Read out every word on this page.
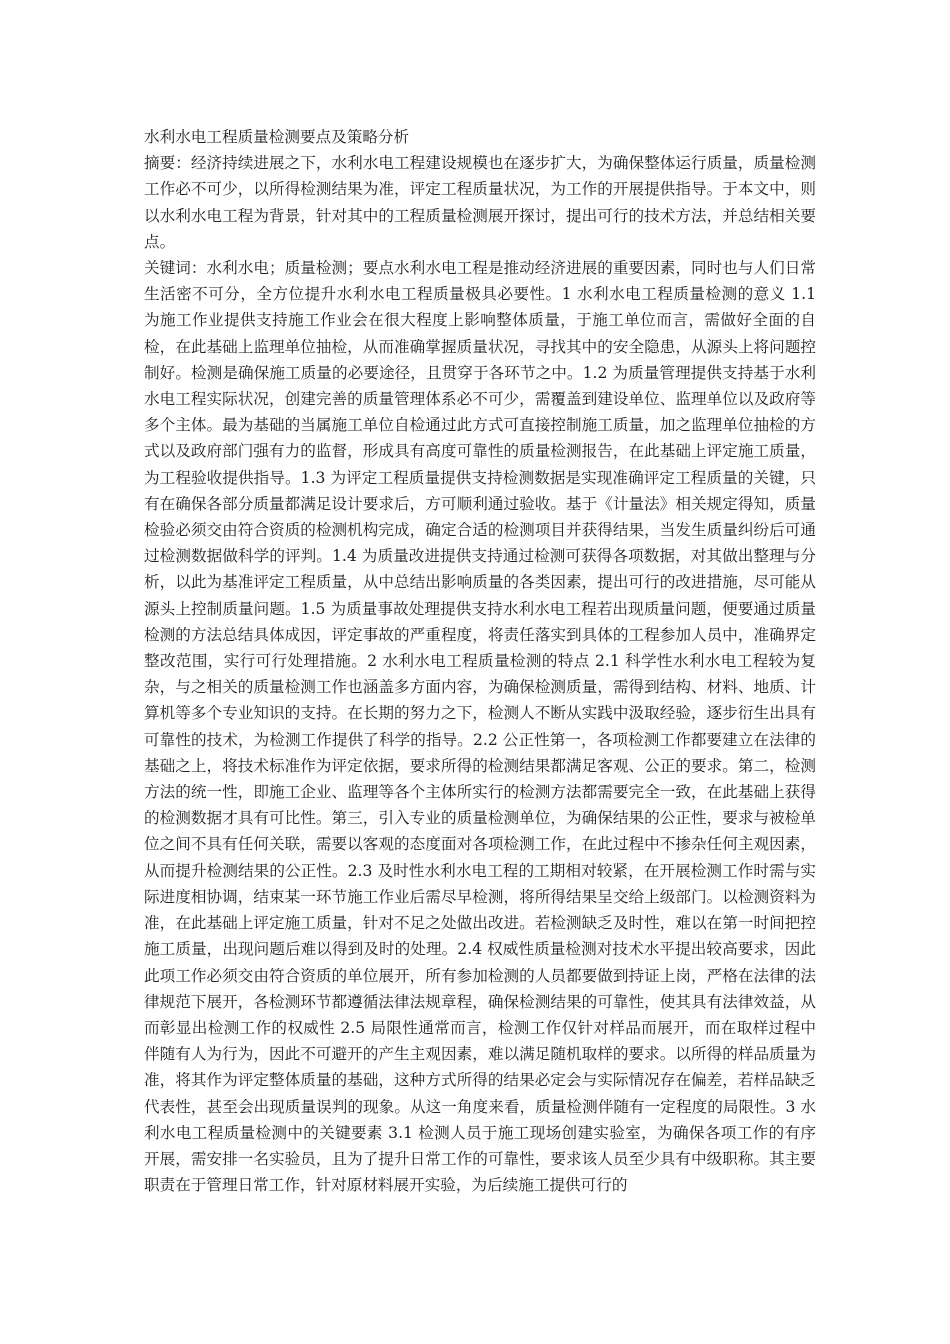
水利水电工程质量检测要点及策略分析

摘要：经济持续进展之下，水利水电工程建设规模也在逐步扩大，为确保整体运行质量，质量检测工作必不可少，以所得检测结果为准，评定工程质量状况，为工作的开展提供指导。于本文中，则以水利水电工程为背景，针对其中的工程质量检测展开探讨，提出可行的技术方法，并总结相关要点。

关键词：水利水电；质量检测；要点水利水电工程是推动经济进展的重要因素，同时也与人们日常生活密不可分，全方位提升水利水电工程质量极具必要性。1 水利水电工程质量检测的意义 1.1 为施工作业提供支持施工作业会在很大程度上影响整体质量，于施工单位而言，需做好全面的自检，在此基础上监理单位抽检，从而准确掌握质量状况，寻找其中的安全隐患，从源头上将问题控制好。检测是确保施工质量的必要途径，且贯穿于各环节之中。1.2 为质量管理提供支持基于水利水电工程实际状况，创建完善的质量管理体系必不可少，需覆盖到建设单位、监理单位以及政府等多个主体。最为基础的当属施工单位自检通过此方式可直接控制施工质量，加之监理单位抽检的方式以及政府部门强有力的监督，形成具有高度可靠性的质量检测报告，在此基础上评定施工质量，为工程验收提供指导。1.3 为评定工程质量提供支持检测数据是实现准确评定工程质量的关键，只有在确保各部分质量都满足设计要求后，方可顺利通过验收。基于《计量法》相关规定得知，质量检验必须交由符合资质的检测机构完成，确定合适的检测项目并获得结果，当发生质量纠纷后可通过检测数据做科学的评判。1.4 为质量改进提供支持通过检测可获得各项数据，对其做出整理与分析，以此为基准评定工程质量，从中总结出影响质量的各类因素，提出可行的改进措施，尽可能从源头上控制质量问题。1.5 为质量事故处理提供支持水利水电工程若出现质量问题，便要通过质量检测的方法总结具体成因，评定事故的严重程度，将责任落实到具体的工程参加人员中，准确界定整改范围，实行可行处理措施。2 水利水电工程质量检测的特点 2.1 科学性水利水电工程较为复杂，与之相关的质量检测工作也涵盖多方面内容，为确保检测质量，需得到结构、材料、地质、计算机等多个专业知识的支持。在长期的努力之下，检测人不断从实践中汲取经验，逐步衍生出具有可靠性的技术，为检测工作提供了科学的指导。2.2 公正性第一，各项检测工作都要建立在法律的基础之上，将技术标准作为评定依据，要求所得的检测结果都满足客观、公正的要求。第二，检测方法的统一性，即施工企业、监理等各个主体所实行的检测方法都需要完全一致，在此基础上获得的检测数据才具有可比性。第三，引入专业的质量检测单位，为确保结果的公正性，要求与被检单位之间不具有任何关联，需要以客观的态度面对各项检测工作，在此过程中不掺杂任何主观因素，从而提升检测结果的公正性。2.3 及时性水利水电工程的工期相对较紧，在开展检测工作时需与实际进度相协调，结束某一环节施工作业后需尽早检测，将所得结果呈交给上级部门。以检测资料为准，在此基础上评定施工质量，针对不足之处做出改进。若检测缺乏及时性，难以在第一时间把控施工质量，出现问题后难以得到及时的处理。2.4 权威性质量检测对技术水平提出较高要求，因此此项工作必须交由符合资质的单位展开，所有参加检测的人员都要做到持证上岗，严格在法律的法律规范下展开，各检测环节都遵循法律法规章程，确保检测结果的可靠性，使其具有法律效益，从而彰显出检测工作的权威性 2.5 局限性通常而言，检测工作仅针对样品而展开，而在取样过程中伴随有人为行为，因此不可避开的产生主观因素，难以满足随机取样的要求。以所得的样品质量为准，将其作为评定整体质量的基础，这种方式所得的结果必定会与实际情况存在偏差，若样品缺乏代表性，甚至会出现质量误判的现象。从这一角度来看，质量检测伴随有一定程度的局限性。3 水利水电工程质量检测中的关键要素 3.1 检测人员于施工现场创建实验室，为确保各项工作的有序开展，需安排一名实验员，且为了提升日常工作的可靠性，要求该人员至少具有中级职称。其主要职责在于管理日常工作，针对原材料展开实验，为后续施工提供可行的
